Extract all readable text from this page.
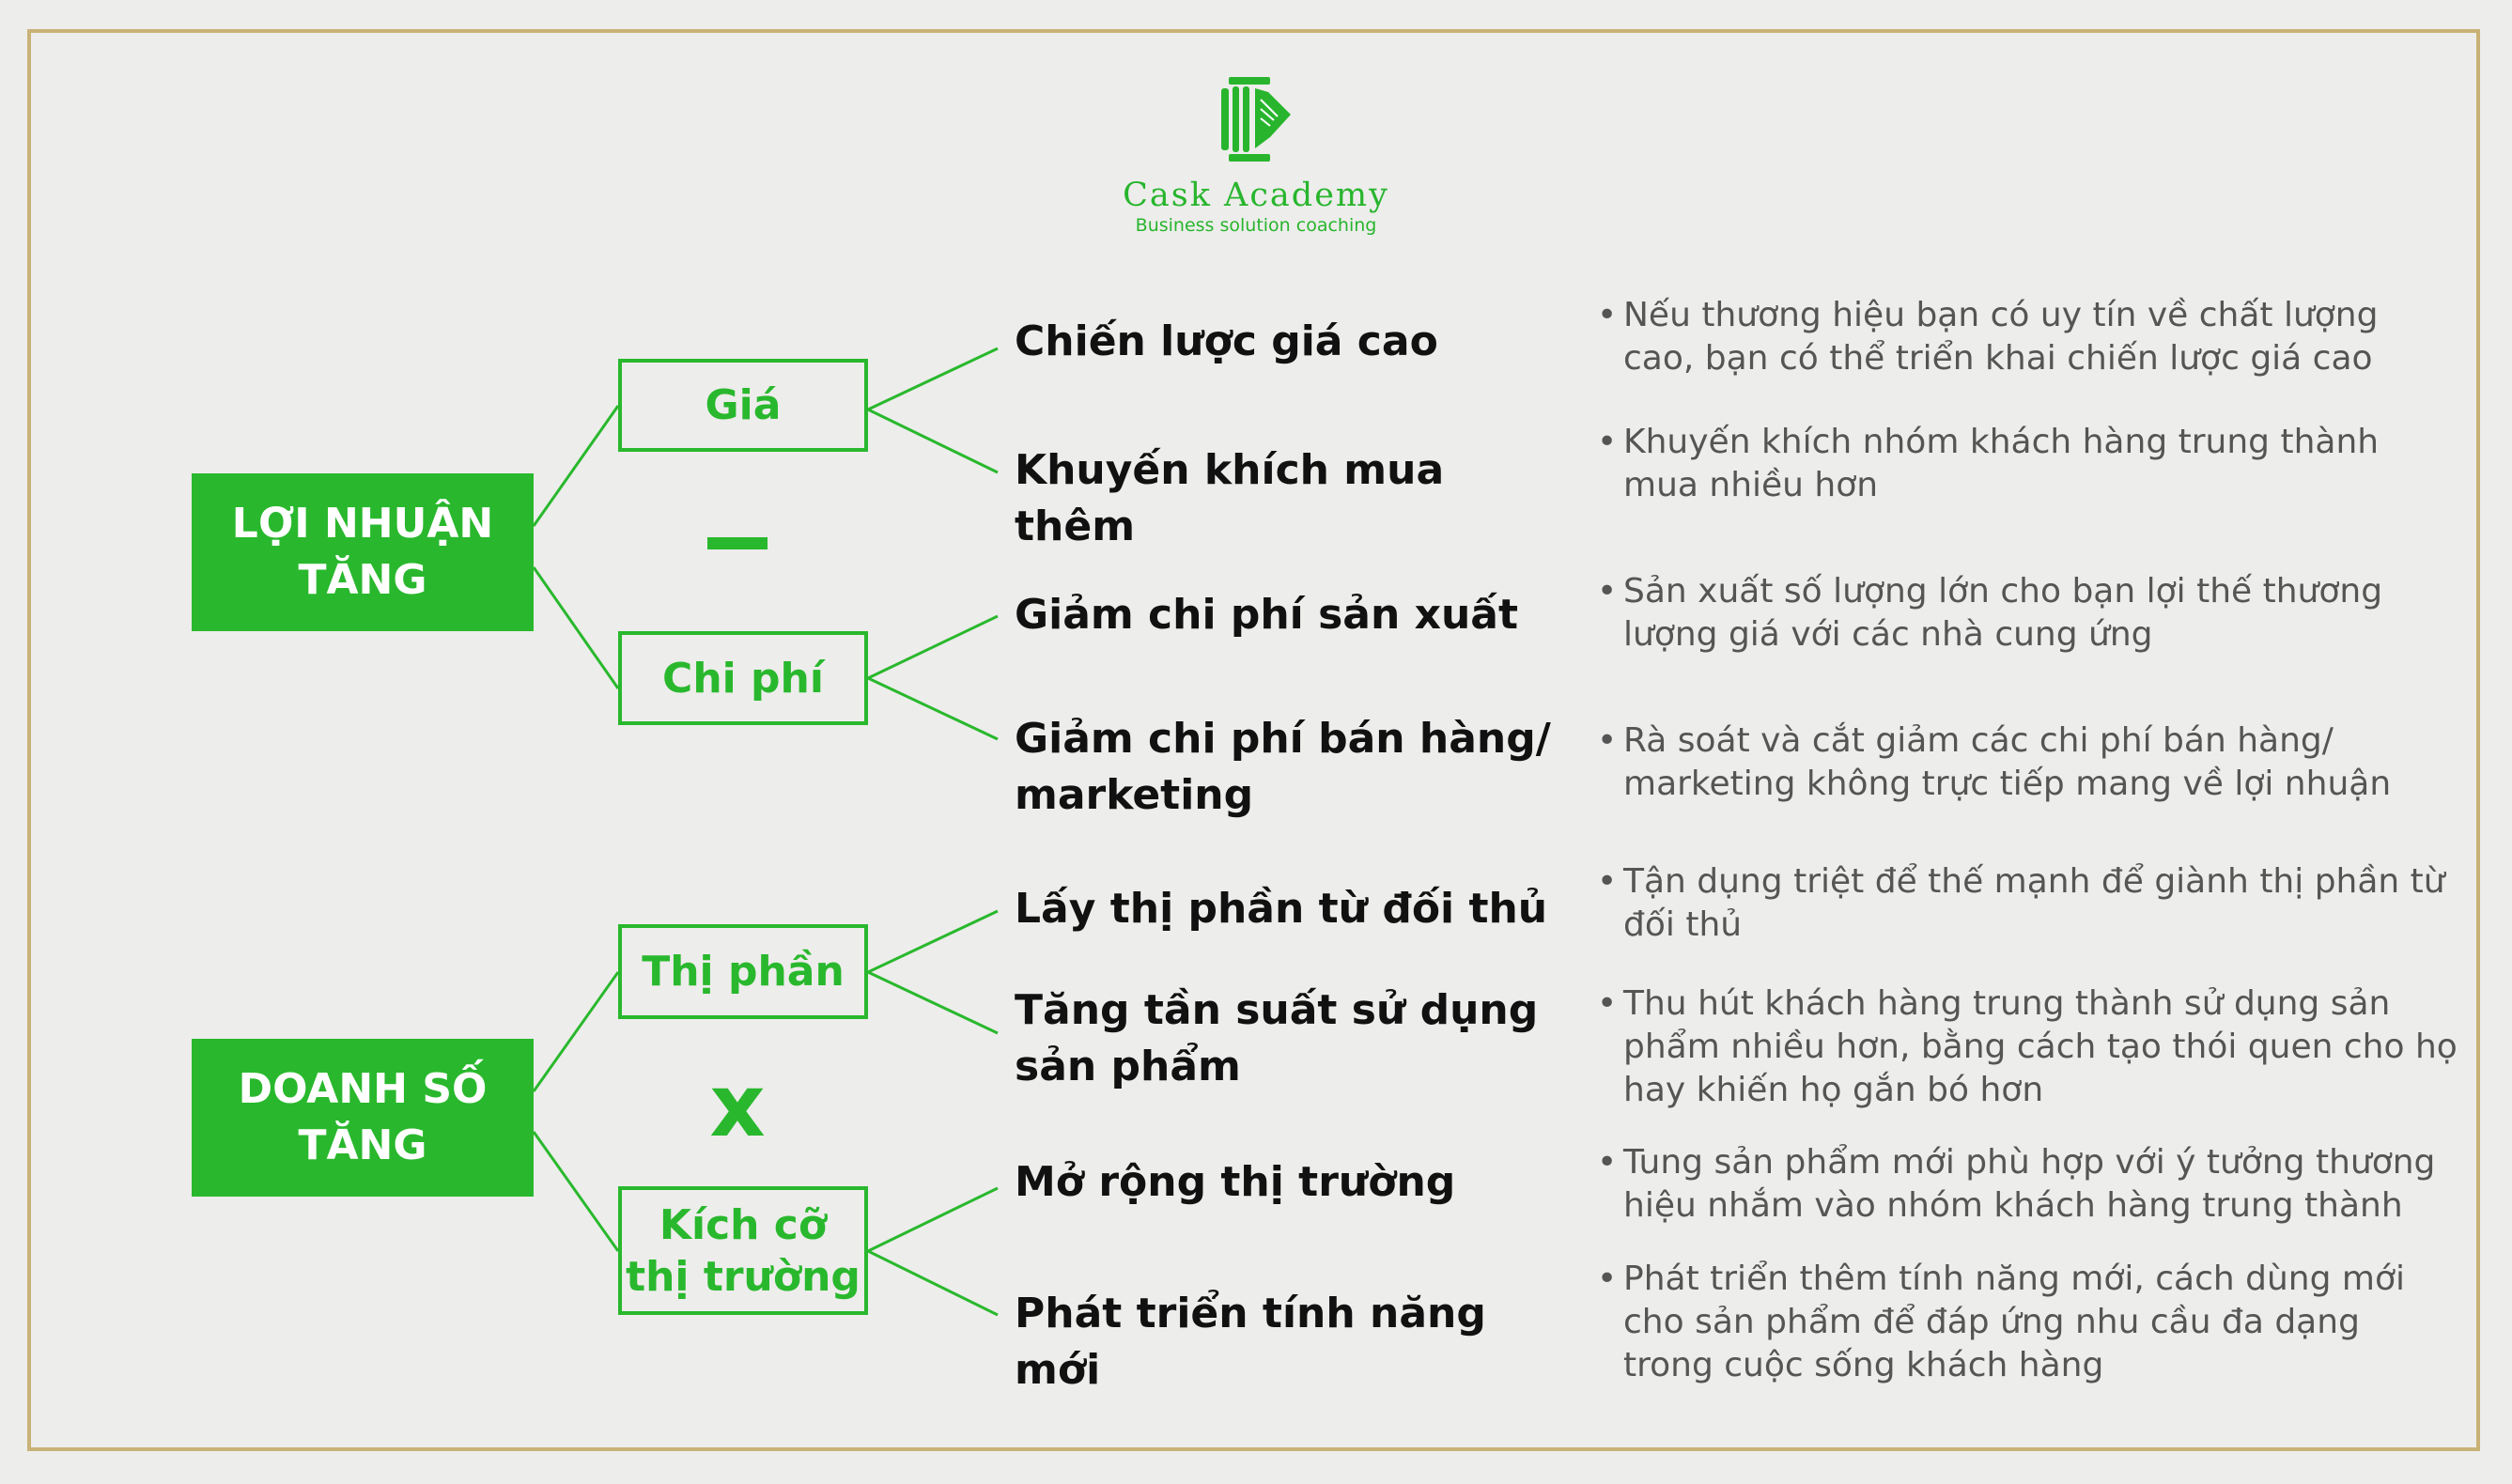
Cask Academy
Business solution coaching
LỢI NHUẬN TĂNG
DOANH SỐ TĂNG
Giá
Chi phí
Thị phần
Kích cỡ thị trường
x
Chiến lược giá cao
Khuyến khích mua thêm
Giảm chi phí sản xuất
Giảm chi phí bán hàng/ marketing
Lấy thị phần từ đối thủ
Tăng tần suất sử dụng sản phẩm
Mở rộng thị trường
Phát triển tính năng mới
• Nếu thương hiệu bạn có uy tín về chất lượng cao, bạn có thể triển khai chiến lược giá cao
• Khuyến khích nhóm khách hàng trung thành mua nhiều hơn
• Sản xuất số lượng lớn cho bạn lợi thế thương lượng giá với các nhà cung ứng
• Rà soát và cắt giảm các chi phí bán hàng/ marketing không trực tiếp mang về lợi nhuận
• Tận dụng triệt để thế mạnh để giành thị phần từ đối thủ
• Thu hút khách hàng trung thành sử dụng sản phẩm nhiều hơn, bằng cách tạo thói quen cho họ hay khiến họ gắn bó hơn
• Tung sản phẩm mới phù hợp với ý tưởng thương hiệu nhắm vào nhóm khách hàng trung thành
• Phát triển thêm tính năng mới, cách dùng mới cho sản phẩm để đáp ứng nhu cầu đa dạng trong cuộc sống khách hàng
